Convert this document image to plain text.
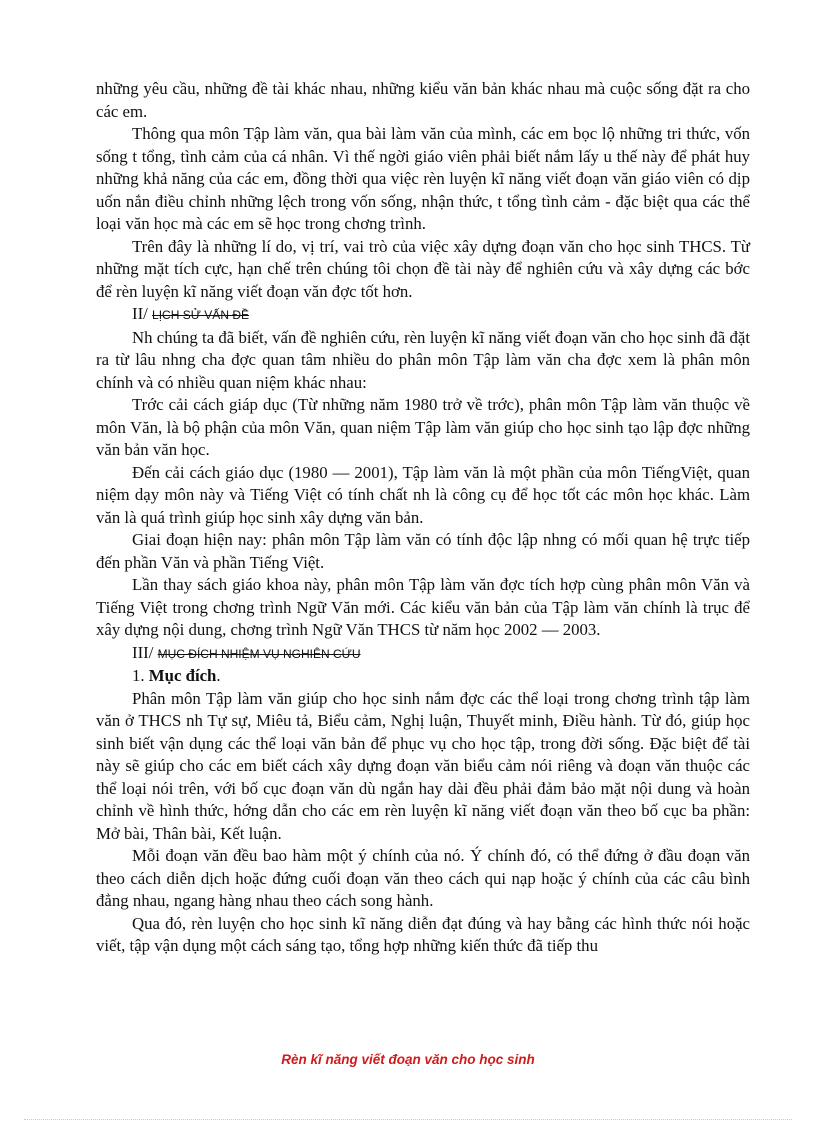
những yêu cầu, những đề tài khác nhau, những kiểu văn bản khác nhau mà cuộc sống đặt ra cho các em.

Thông qua môn Tập làm văn, qua bài làm văn của mình, các em bọc lộ những tri thức, vốn sống t tổng, tình cảm của cá nhân. Vì thế ngời giáo viên phải biết nắm lấy u thế này để phát huy những khả năng của các em, đồng thời qua việc rèn luyện kĩ năng viết đoạn văn giáo viên có dịp uốn nắn điều chỉnh những lệch trong vốn sống, nhận thức, t tổng tình cảm - đặc biệt qua các thể loại văn học mà các em sẽ học trong chơng trình.

Trên đây là những lí do, vị trí, vai trò của việc xây dựng đoạn văn cho học sinh THCS. Từ những mặt tích cực, hạn chế trên chúng tôi chọn đề tài này để nghiên cứu và xây dựng các bớc để rèn luyện kĩ năng viết đoạn văn đợc tốt hơn.

II/ LỊCH SỬ VẤN ĐỀ

Nh chúng ta đã biết, vấn đề nghiên cứu, rèn luyện kĩ năng viết đoạn văn cho học sinh đã đặt ra từ lâu nhng cha đợc quan tâm nhiều do phân môn Tập làm văn cha đợc xem là phân môn chính và có nhiều quan niệm khác nhau:

Trớc cải cách giáp dục (Từ những năm 1980 trở về trớc), phân môn Tập làm văn thuộc về môn Văn, là bộ phận của môn Văn, quan niệm Tập làm văn giúp cho học sinh tạo lập đợc những văn bản văn học.

Đến cải cách giáo dục (1980 — 2001), Tập làm văn là một phần của môn TiếngViệt, quan niệm dạy môn này và Tiếng Việt có tính chất nh là công cụ để học tốt các môn học khác. Làm văn là quá trình giúp học sinh xây dựng văn bản.

Giai đoạn hiện nay: phân môn Tập làm văn có tính độc lập nhng có mối quan hệ trực tiếp đến phần Văn và phần Tiếng Việt.

Lần thay sách giáo khoa này, phân môn Tập làm văn đợc tích hợp cùng phân môn Văn và Tiếng Việt trong chơng trình Ngữ Văn mới. Các kiểu văn bản của Tập làm văn chính là trục để xây dựng nội dung, chơng trình Ngữ Văn THCS từ năm học 2002 — 2003.

III/ MỤC ĐÍCH NHIỆM VỤ NGHIÊN CỨU

1. Mục đích.

Phân môn Tập làm văn giúp cho học sinh nắm đợc các thể loại trong chơng trình tập làm văn ở THCS nh Tự sự, Miêu tả, Biểu cảm, Nghị luận, Thuyết minh, Điều hành. Từ đó, giúp học sinh biết vận dụng các thể loại văn bản để phục vụ cho học tập, trong đời sống. Đặc biệt để tài này sẽ giúp cho các em biết cách xây dựng đoạn văn biểu cảm nói riêng và đoạn văn thuộc các thể loại nói trên, với bố cục đoạn văn dù ngắn hay dài đều phải đảm bảo mặt nội dung và hoàn chỉnh về hình thức, hớng dẫn cho các em rèn luyện kĩ năng viết đoạn văn theo bố cục ba phần: Mở bài, Thân bài, Kết luận.

Mỗi đoạn văn đều bao hàm một ý chính của nó. Ý chính đó, có thể đứng ở đầu đoạn văn theo cách diễn dịch hoặc đứng cuối đoạn văn theo cách qui nạp hoặc ý chính của các câu bình đẳng nhau, ngang hàng nhau theo cách song hành.

Qua đó, rèn luyện cho học sinh kĩ năng diễn đạt đúng và hay bằng các hình thức nói hoặc viết, tập vận dụng một cách sáng tạo, tổng hợp những kiến thức đã tiếp thu

Rèn kĩ năng viết đoạn văn cho học sinh
